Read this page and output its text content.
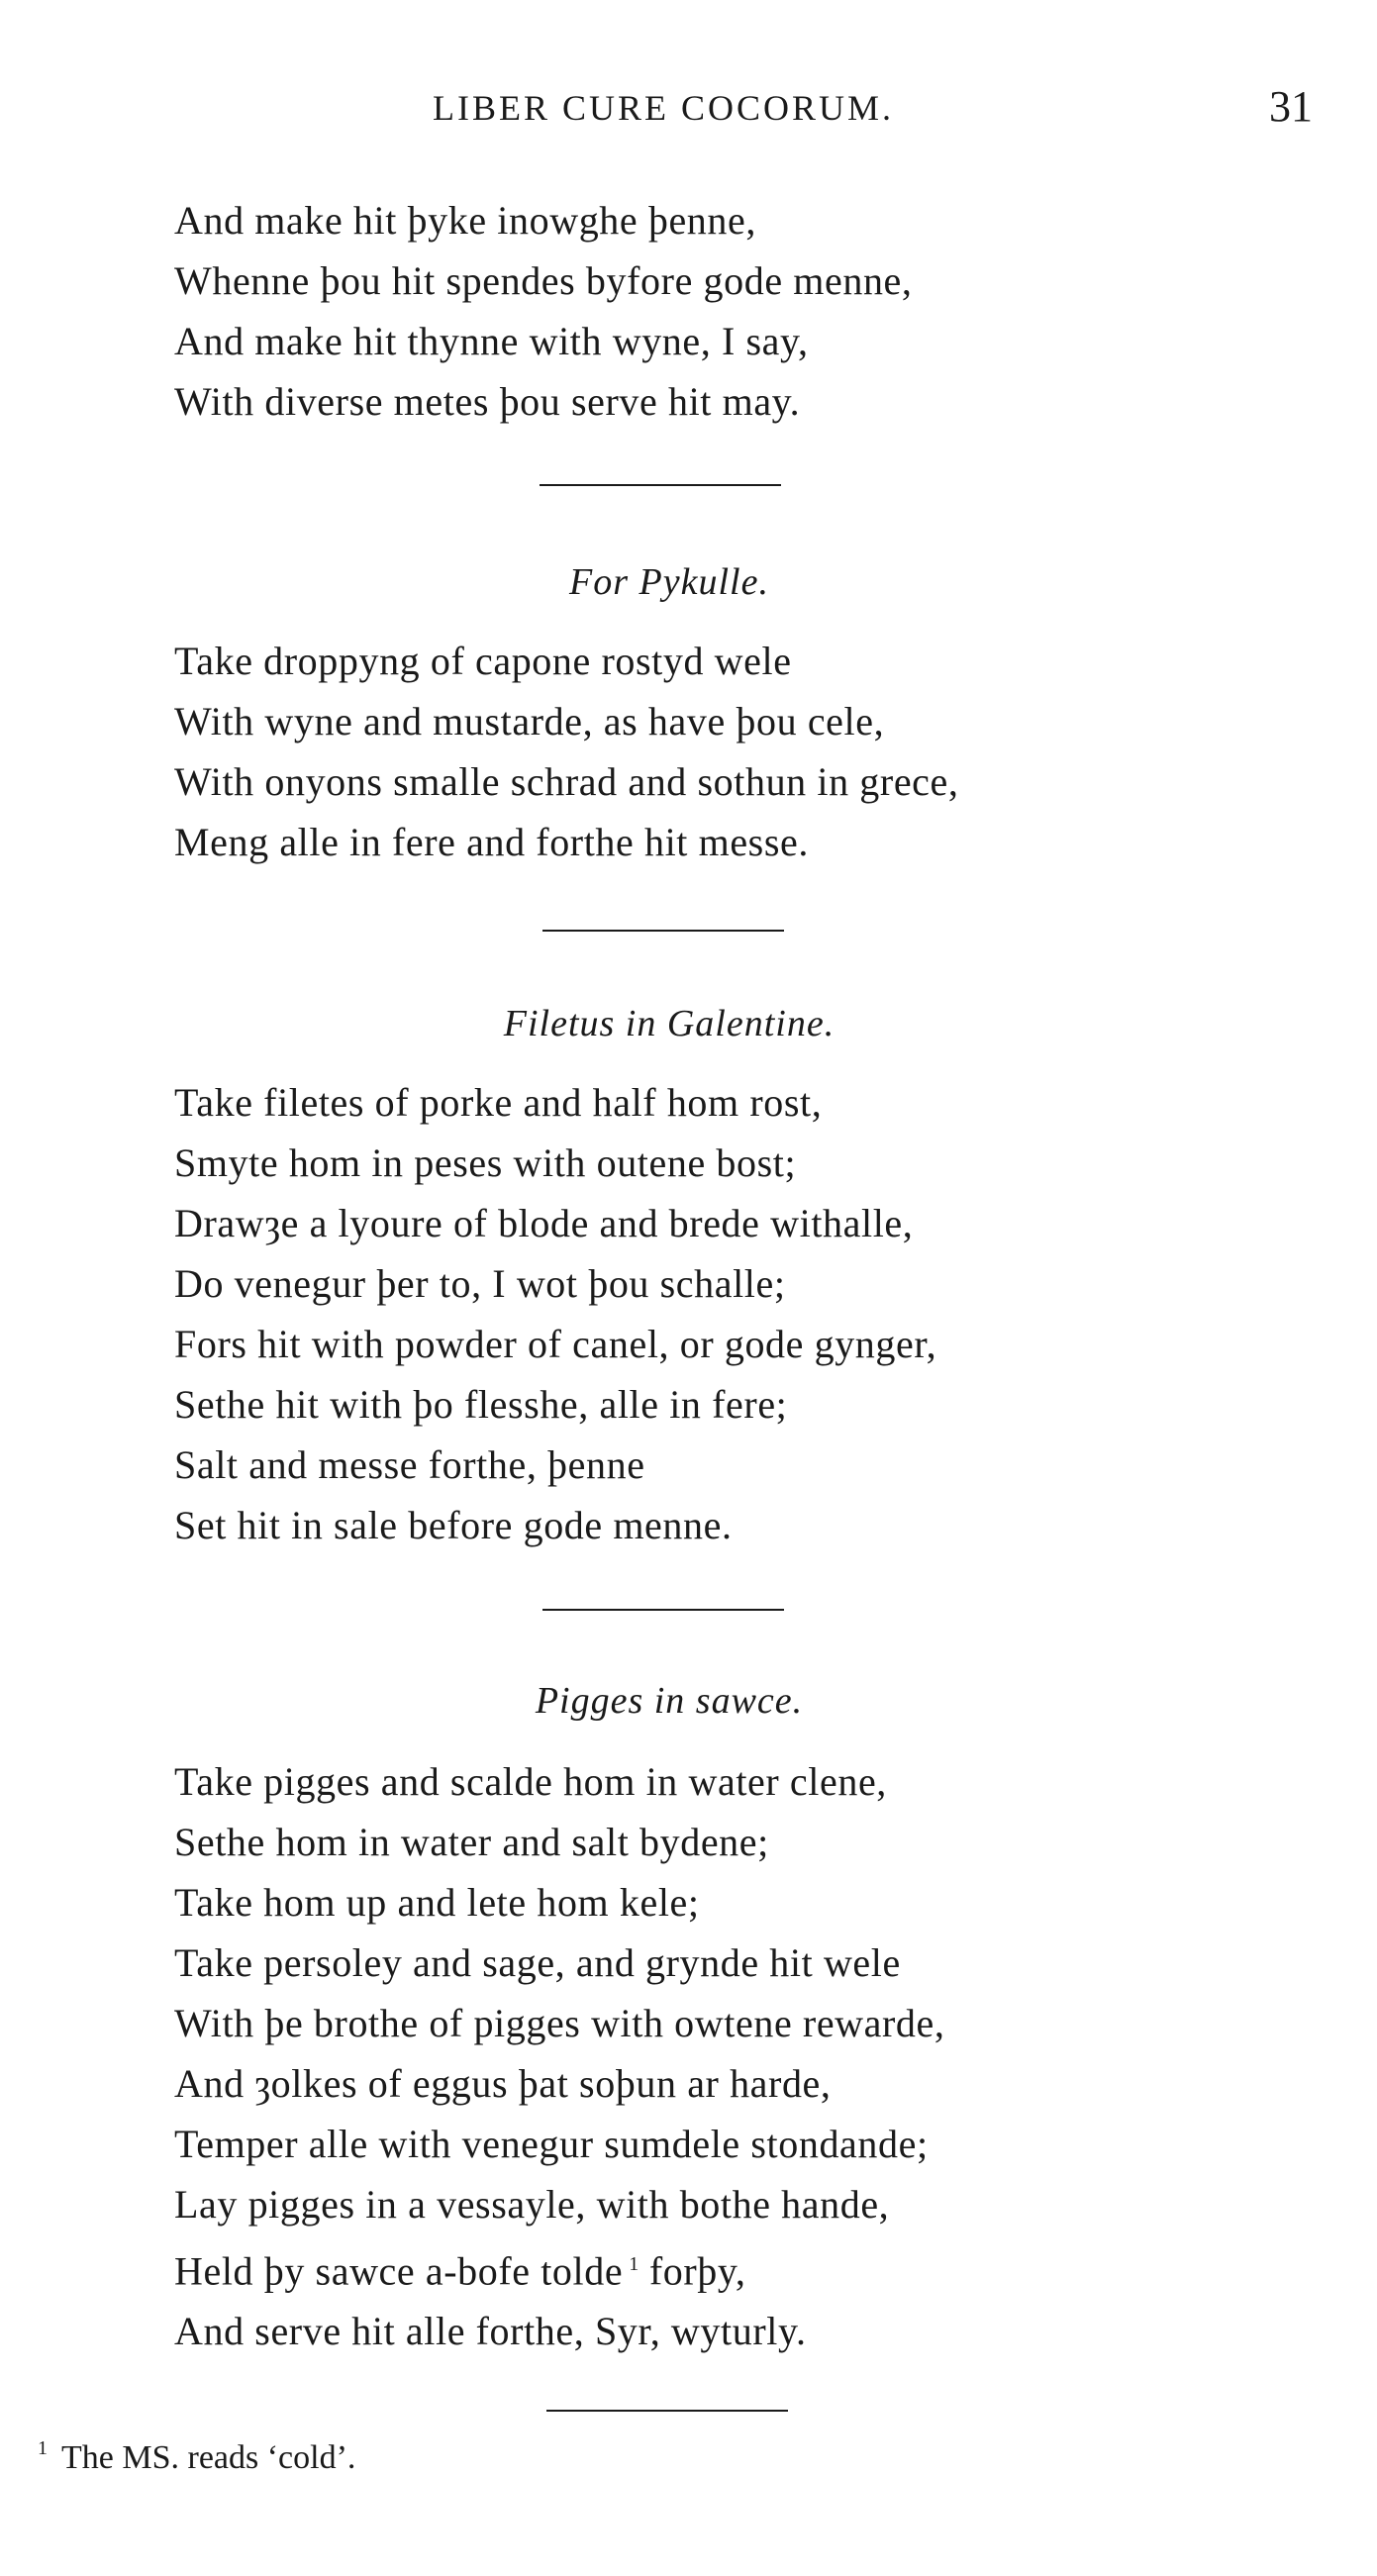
LIBER CURE COCORUM.	31
And make hit þyke inowghe þenne,
Whenne þou hit spendes byfore gode menne,
And make hit thynne with wyne, I say,
With diverse metes þou serve hit may.
For Pykulle.
Take droppyng of capone rostyd wele
With wyne and mustarde, as have þou cele,
With onyons smalle schrad and sothun in grece,
Meng alle in fere and forthe hit messe.
Filetus in Galentine.
Take filetes of porke and half hom rost,
Smyte hom in peses with outene bost;
Drawȝe a lyoure of blode and brede withalle,
Do venegur þer to, I wot þou schalle;
Fors hit with powder of canel, or gode gynger,
Sethe hit with þo flesshe, alle in fere;
Salt and messe forthe, þenne
Set hit in sale before gode menne.
Pigges in sawce.
Take pigges and scalde hom in water clene,
Sethe hom in water and salt bydene;
Take hom up and lete hom kele;
Take persoley and sage, and grynde hit wele
With þe brothe of pigges with owtene rewarde,
And ȝolkes of eggus þat soþun ar harde,
Temper alle with venegur sumdele stondande;
Lay pigges in a vessayle, with bothe hande,
Held þy sawce a-bofe tolde $^1$ forþy,
And serve hit alle forthe, Syr, wyturly.
$^1$ The MS. reads ‘cold’.
